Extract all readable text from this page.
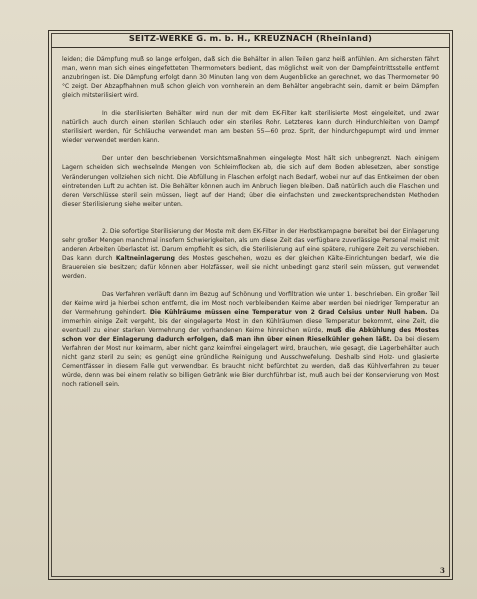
SEITZ-WERKE G. m. b. H., KREUZNACH (Rheinland)

leiden; die Dämpfung muß so lange erfolgen, daß sich die Behälter in allen Teilen ganz heiß anfühlen. Am sichersten fährt man, wenn man sich eines eingefetteten Thermometers bedient, das möglichst weit von der Dampfeintrittsstelle entfernt anzubringen ist. Die Dämpfung erfolgt dann 30 Minuten lang von dem Augenblicke an gerechnet, wo das Thermometer 90 °C zeigt. Der Abzapfhahnen muß schon gleich von vornherein an dem Behälter angebracht sein, damit er beim Dämpfen gleich mitsterilisiert wird.

In die sterilisierten Behälter wird nun der mit dem EK-Filter kalt sterilisierte Most eingeleitet, und zwar natürlich auch durch einen sterilen Schlauch oder ein steriles Rohr. Letzteres kann durch Hindurchleiten von Dampf sterilisiert werden, für Schläuche verwendet man am besten 55—60 proz. Sprit, der hindurchgepumpt wird und immer wieder verwendet werden kann.

Der unter den beschriebenen Vorsichtsmaßnahmen eingelegte Most hält sich unbegrenzt. Nach einigem Lagern scheiden sich wechselnde Mengen von Schleimflocken ab, die sich auf dem Boden ablesetzen, aber sonstige Veränderungen vollziehen sich nicht. Die Abfüllung in Flaschen erfolgt nach Bedarf, wobei nur auf das Entkeimen der oben eintretenden Luft zu achten ist. Die Behälter können auch im Anbruch liegen bleiben. Daß natürlich auch die Flaschen und deren Verschlüsse steril sein müssen, liegt auf der Hand; über die einfachsten und zweckentsprechendsten Methoden dieser Sterilisierung siehe weiter unten.

2. Die sofortige Sterilisierung der Moste mit dem EK-Filter in der Herbstkampagne bereitet bei der Einlagerung sehr großer Mengen manchmal insofern Schwierigkeiten, als um diese Zeit das verfügbare zuverlässige Personal meist mit anderen Arbeiten überlastet ist. Darum empfiehlt es sich, die Sterilisierung auf eine spätere, ruhigere Zeit zu verschieben. Das kann durch Kaltneinlagerung des Mostes geschehen, wozu es der gleichen Kälte-Einrichtungen bedarf, wie die Brauereien sie besitzen; dafür können aber Holzfässer, weil sie nicht unbedingt ganz steril sein müssen, gut verwendet werden.

Das Verfahren verläuft dann im Bezug auf Schönung und Vorfiltration wie unter 1. beschrieben. Ein großer Teil der Keime wird ja hierbei schon entfernt, die im Most noch verbleibenden Keime aber werden bei niedriger Temperatur an der Vermehrung gehindert. Die Kühlräume müssen eine Temperatur von 2 Grad Celsius unter Null haben. Da immerhin einige Zeit vergeht, bis der eingelagerte Most in den Kühlräumen diese Temperatur bekommt, eine Zeit, die eventuell zu einer starken Vermehrung der vorhandenen Keime hinreichen würde, muß die Abkühlung des Mostes schon vor der Einlagerung dadurch erfolgen, daß man ihn über einen Rieselkühler gehen läßt. Da bei diesem Verfahren der Most nur keimarm, aber nicht ganz keimfrei eingelagert wird, brauchen, wie gesagt, die Lagerbehälter auch nicht ganz steril zu sein; es genügt eine gründliche Reinigung und Ausschwefelung. Deshalb sind Holz- und glasierte Cementfässer in diesem Falle gut verwendbar. Es braucht nicht befürchtet zu werden, daß das Kühlverfahren zu teuer würde, denn was bei einem relativ so billigen Getränk wie Bier durchführbar ist, muß auch bei der Konservierung von Most noch rationell sein.

3
